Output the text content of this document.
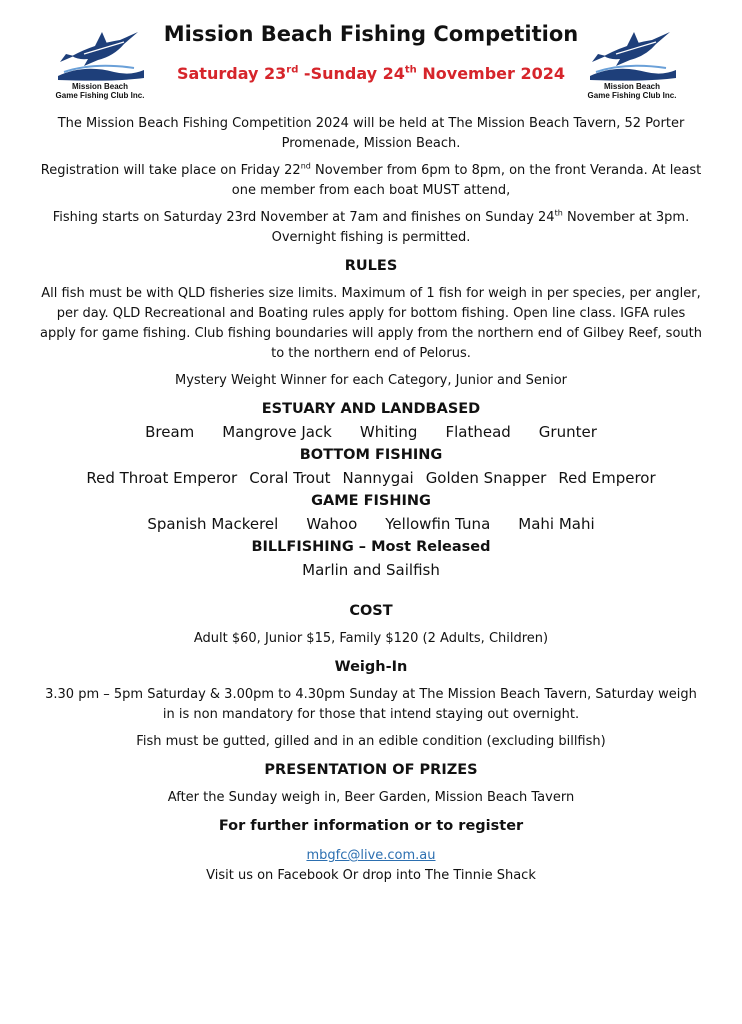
Mission Beach
Game Fishing Club Inc.
Mission Beach
Game Fishing Club Inc.
Mission Beach Fishing Competition
Saturday 23rd -Sunday 24th November 2024

The Mission Beach Fishing Competition 2024 will be held at The Mission Beach Tavern, 52 Porter Promenade, Mission Beach.

Registration will take place on Friday 22nd November from 6pm to 8pm, on the front Veranda. At least one member from each boat MUST attend,

Fishing starts on Saturday 23rd November at 7am and finishes on Sunday 24th November at 3pm. Overnight fishing is permitted.

RULES

All fish must be with QLD fisheries size limits. Maximum of 1 fish for weigh in per species, per angler, per day. QLD Recreational and Boating rules apply for bottom fishing. Open line class. IGFA rules apply for game fishing. Club fishing boundaries will apply from the northern end of Gilbey Reef, south to the northern end of Pelorus.

Mystery Weight Winner for each Category, Junior and Senior

ESTUARY AND LANDBASED
Bream Mangrove Jack Whiting Flathead Grunter
BOTTOM FISHING
Red Throat Emperor Coral Trout Nannygai Golden Snapper Red Emperor
GAME FISHING
Spanish Mackerel Wahoo Yellowfin Tuna Mahi Mahi
BILLFISHING – Most Released
Marlin and Sailfish
COST

Adult $60, Junior $15, Family $120 (2 Adults, Children)

Weigh-In

3.30 pm – 5pm Saturday & 3.00pm to 4.30pm Sunday at The Mission Beach Tavern, Saturday weigh in is non mandatory for those that intend staying out overnight.

Fish must be gutted, gilled and in an edible condition (excluding billfish)

PRESENTATION OF PRIZES

After the Sunday weigh in, Beer Garden, Mission Beach Tavern

For further information or to register
mbgfc@live.com.au

Visit us on Facebook Or drop into The Tinnie Shack
